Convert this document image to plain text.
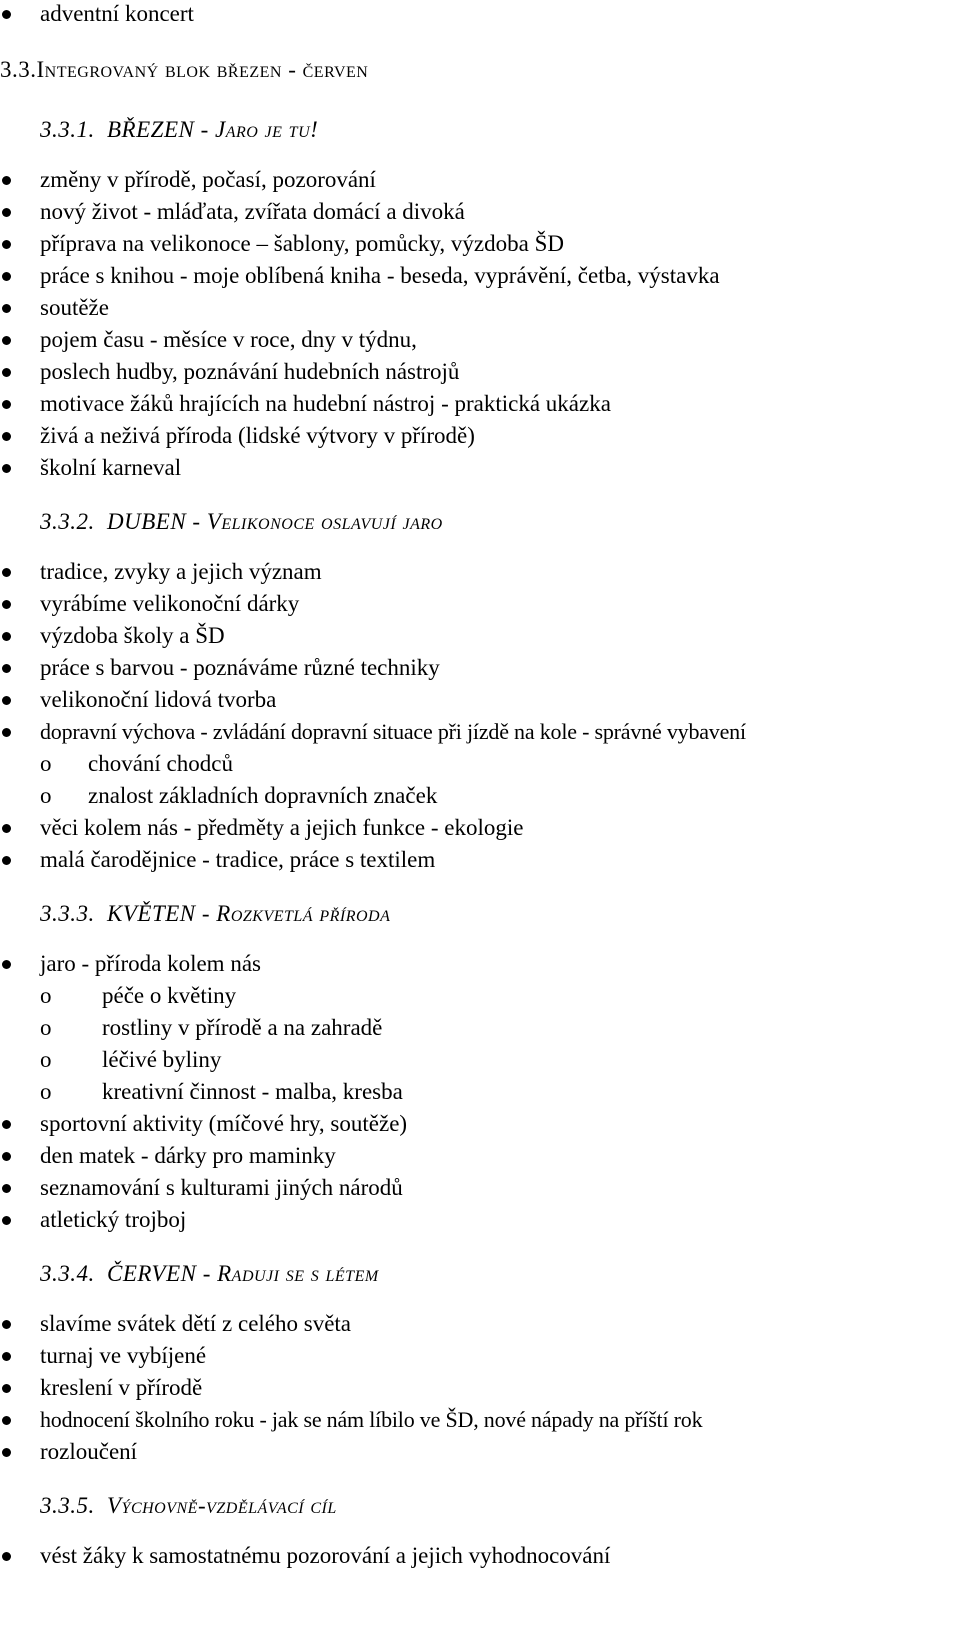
adventní koncert
3.3.Integrovaný blok březen - červen
3.3.1. BŘEZEN - Jaro je tu!
změny v přírodě, počasí, pozorování
nový život - mláďata, zvířata domácí a divoká
příprava na velikonoce – šablony, pomůcky, výzdoba ŠD
práce s knihou - moje oblíbená kniha - beseda, vyprávění, četba, výstavka
soutěže
pojem času - měsíce v roce, dny v týdnu,
poslech hudby, poznávání hudebních nástrojů
motivace žáků hrajících na hudební nástroj - praktická ukázka
živá a neživá příroda (lidské výtvory v přírodě)
školní karneval
3.3.2. DUBEN - Velikonoce oslavují jaro
tradice, zvyky a jejich význam
vyrábíme velikonoční dárky
výzdoba školy a ŠD
práce s barvou - poznáváme různé techniky
velikonoční lidová tvorba
dopravní výchova - zvládání dopravní situace při jízdě na kole - správné vybavení
o chování chodců
o znalost základních dopravních značek
věci kolem nás - předměty a jejich funkce - ekologie
malá čarodějnice - tradice, práce s textilem
3.3.3. KVĚTEN - Rozkvetlá příroda
jaro - příroda kolem nás
o péče o květiny
o rostliny v přírodě a na zahradě
o léčivé byliny
o kreativní činnost - malba, kresba
sportovní aktivity (míčové hry, soutěže)
den matek - dárky pro maminky
seznamování s kulturami jiných národů
atletický trojboj
3.3.4. ČERVEN - Raduji se s létem
slavíme svátek dětí z celého světa
turnaj ve vybíjené
kreslení v přírodě
hodnocení školního roku - jak se nám líbilo ve ŠD, nové nápady na příští rok
rozloučení
3.3.5. Výchovně-vzdělávací cíl
vést žáky k samostatnému pozorování a jejich vyhodnocování
